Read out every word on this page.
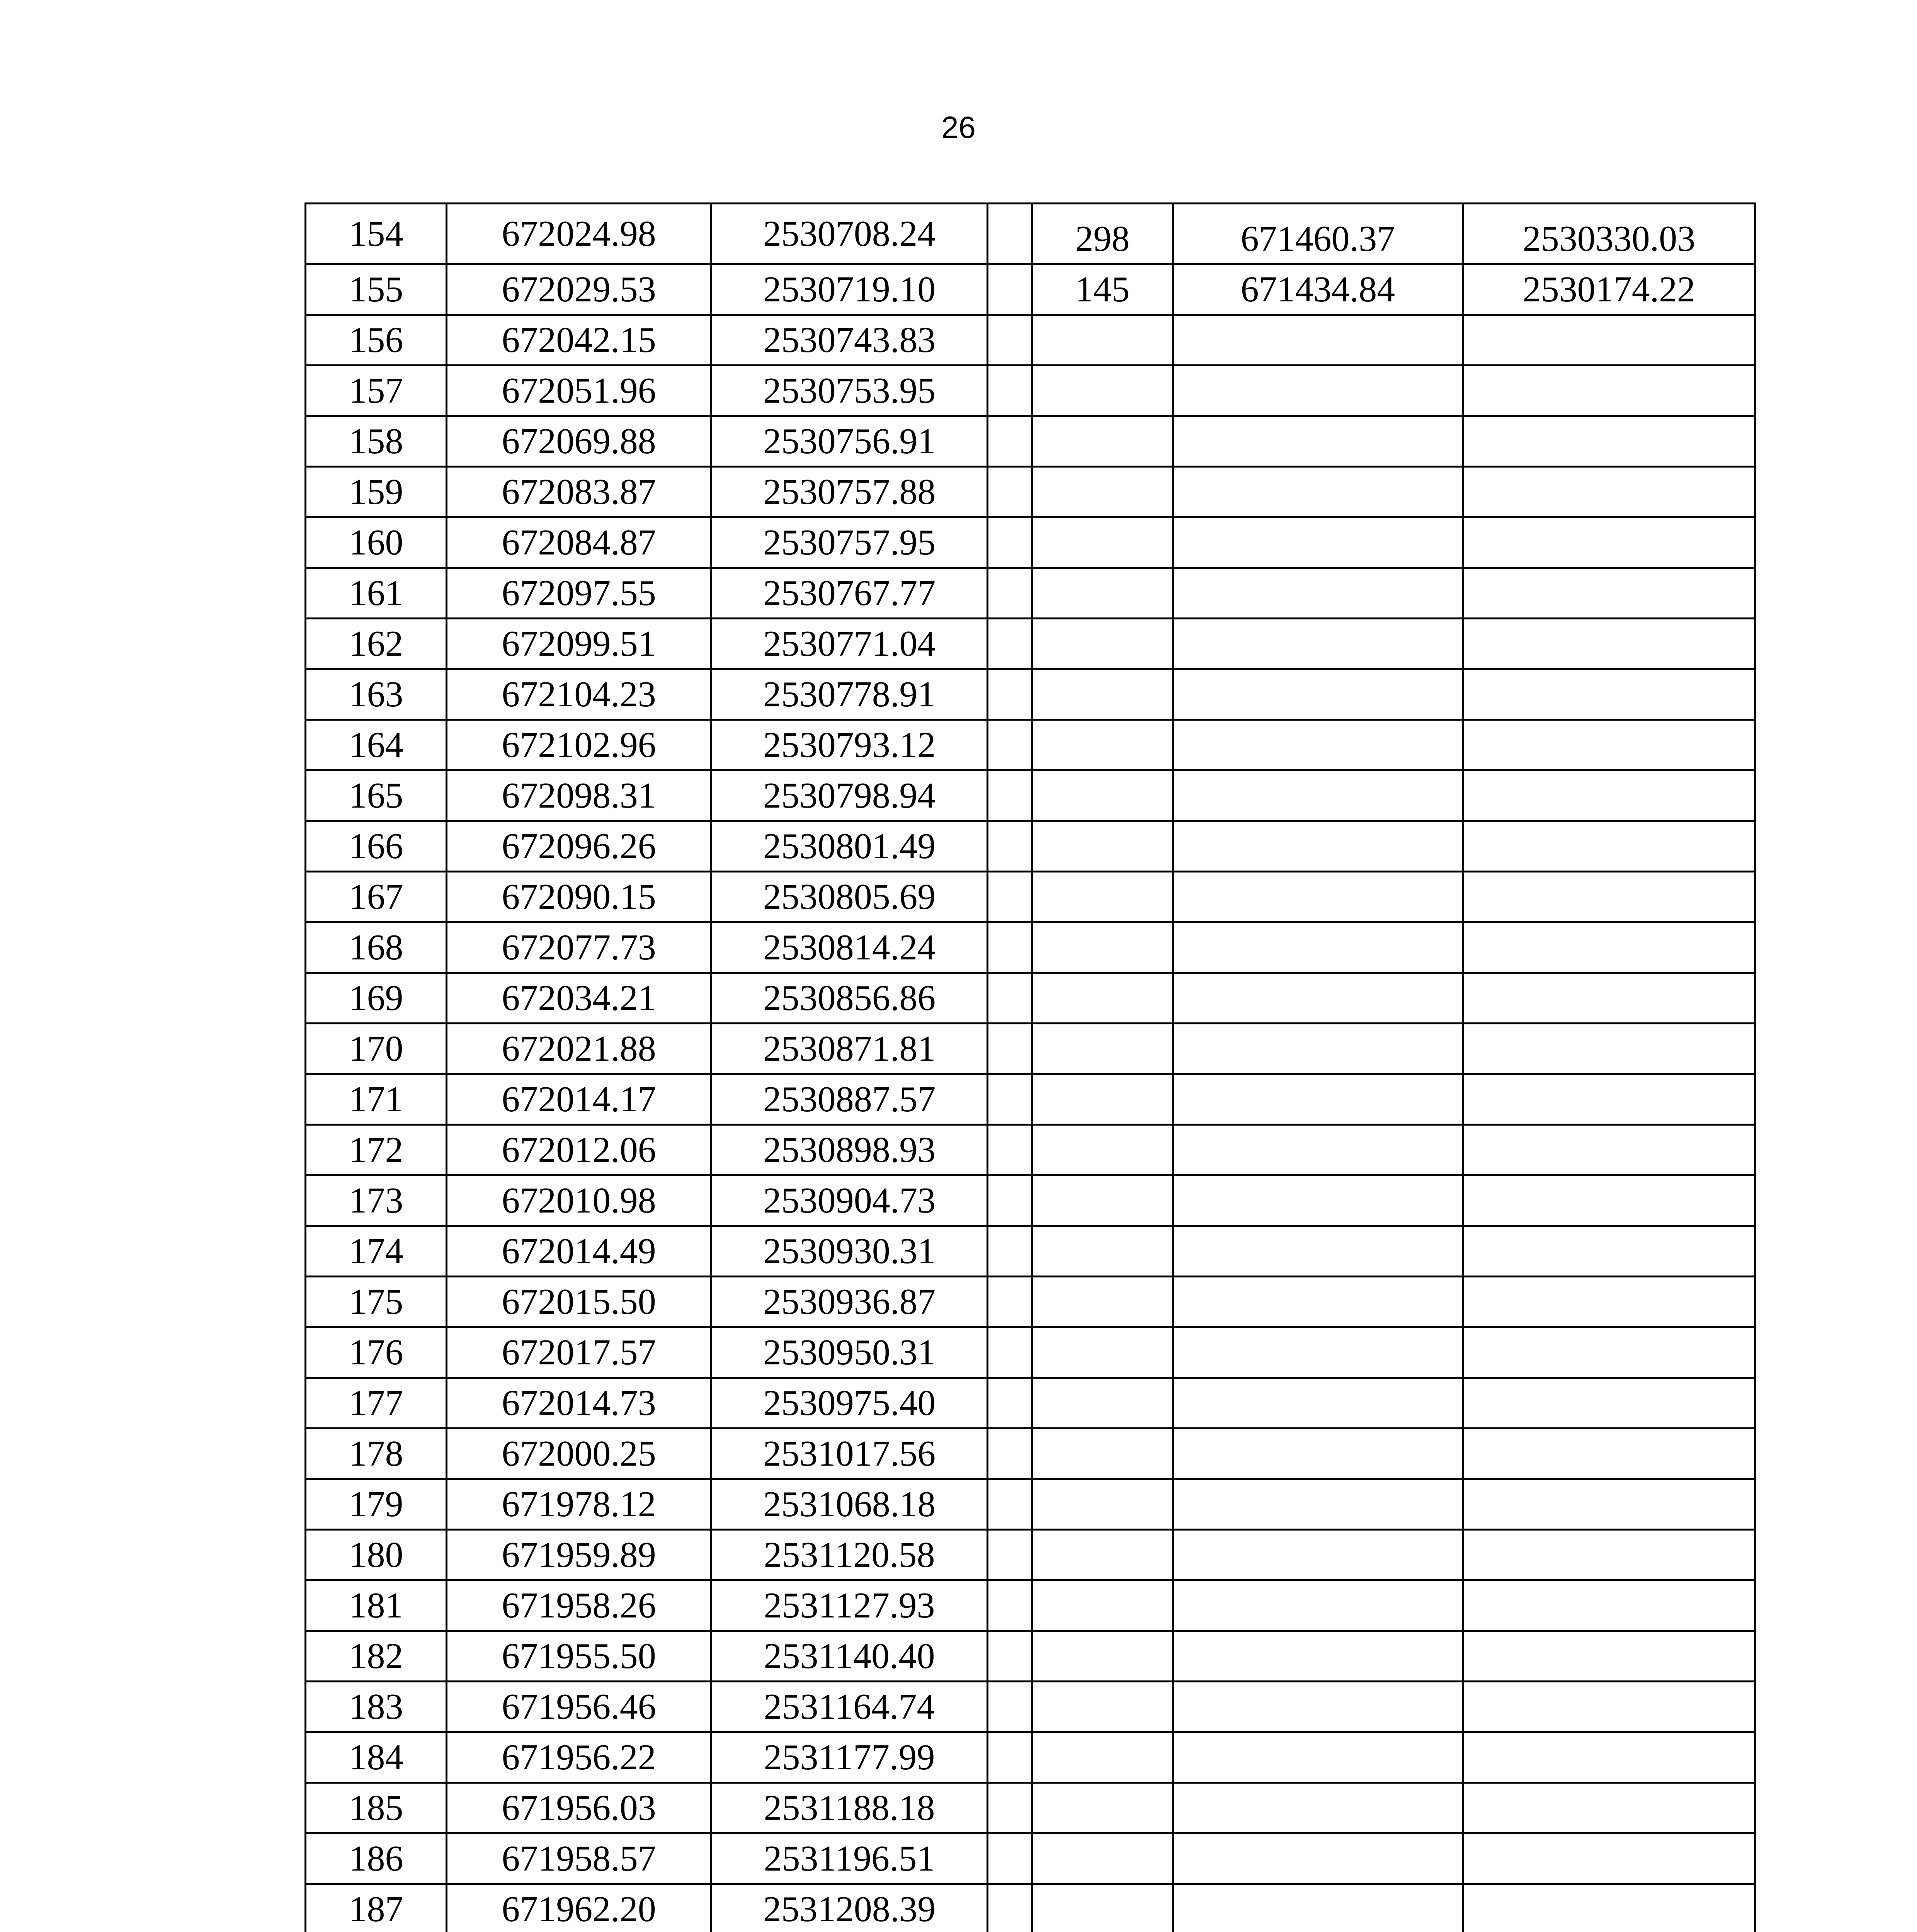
26
154	672024.98	2530708.24		298	671460.37	2530330.03
155	672029.53	2530719.10		145	671434.84	2530174.22
156	672042.15	2530743.83				
157	672051.96	2530753.95				
158	672069.88	2530756.91				
159	672083.87	2530757.88				
160	672084.87	2530757.95				
161	672097.55	2530767.77				
162	672099.51	2530771.04				
163	672104.23	2530778.91				
164	672102.96	2530793.12				
165	672098.31	2530798.94				
166	672096.26	2530801.49				
167	672090.15	2530805.69				
168	672077.73	2530814.24				
169	672034.21	2530856.86				
170	672021.88	2530871.81				
171	672014.17	2530887.57				
172	672012.06	2530898.93				
173	672010.98	2530904.73				
174	672014.49	2530930.31				
175	672015.50	2530936.87				
176	672017.57	2530950.31				
177	672014.73	2530975.40				
178	672000.25	2531017.56				
179	671978.12	2531068.18				
180	671959.89	2531120.58				
181	671958.26	2531127.93				
182	671955.50	2531140.40				
183	671956.46	2531164.74				
184	671956.22	2531177.99				
185	671956.03	2531188.18				
186	671958.57	2531196.51				
187	671962.20	2531208.39				
